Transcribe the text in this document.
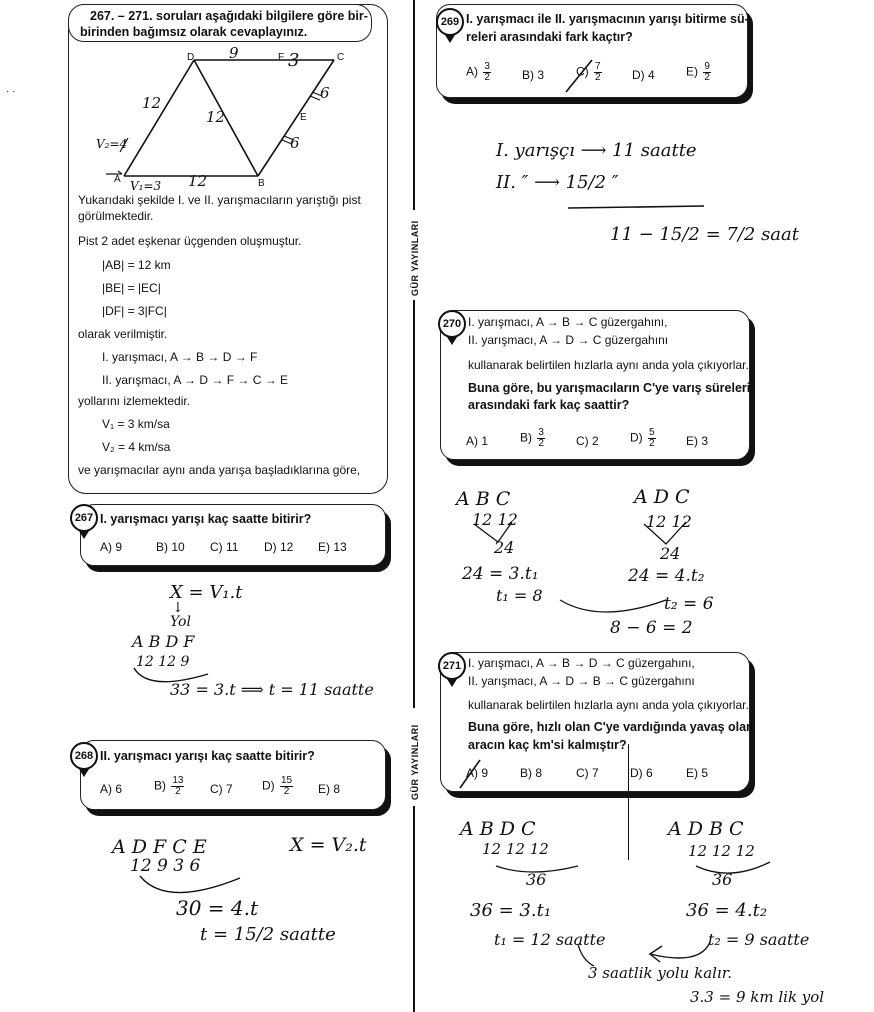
267. – 271. soruları aşağıdaki bilgilere göre bir-
birinden bağımsız olarak cevaplayınız.
A	B
C
D
E
F
9	3
12
12
12
6
6
V₂=4
V₁=3
Yukarıdaki şekilde I. ve II. yarışmacıların yarıştığı pist
görülmektedir.
Pist 2 adet eşkenar üçgenden oluşmuştur.
|AB| = 12 km
|BE| = |EC|
|DF| = 3|FC|
olarak verilmiştir.
I. yarışmacı, A → B → D → F
II. yarışmacı, A → D → F → C → E
yollarını izlemektedir.
V₁ = 3 km/sa
V₂ = 4 km/sa
ve yarışmacılar aynı anda yarışa başladıklarına göre,
267 I. yarışmacı yarışı kaç saatte bitirir?
A) 9	B) 10 C) 11 D) 12 E) 13
X = V₁.t
↓
Yol
A B D F
12 12 9
33 = 3.t ⟹ t = 11 saatte
268 II. yarışmacı yarışı kaç saatte bitirir?
A) 6	$B) \frac{13}{2} C$) 7 $D) \frac{15}{2} E$) 8
A D F C E
12 9 3 6
X = V₂.t
30 = 4.t
t = 15/2 saatte
GÜR YAYINLARI
GÜR YAYINLARI
269 I. yarışmacı ile II. yarışmacının yarışı bitirme sü-
releri arasındaki fark kaçtır?
$A) \frac{3}{2}$	B) 3	$C) \frac{7}{2}$	D) 4	$E) \frac{9}{2}$
I. yarışçı ⟶ 11 saatte
II. ″ ⟶ 15/2 ″
11 − 15/2 = 7/2 saat
270 I. yarışmacı, A → B → C güzergahını,
II. yarışmacı, A → D → C güzergahını
kullanarak belirtilen hızlarla aynı anda yola çıkıyorlar.
Buna göre, bu yarışmacıların C'ye varış süreleri
arasındaki fark kaç saattir?
A) 1	$B) \frac{3}{2}$	C) 2	$D) \frac{5}{2}$	E) 3
A B C
12 12
24
24 = 3.t₁
t₁ = 8
A D C
12 12
24
24 = 4.t₂
t₂ = 6
8 − 6 = 2
271 I. yarışmacı, A → B → D → C güzergahını,
II. yarışmacı, A → D → B → C güzergahını
kullanarak belirtilen hızlarla aynı anda yola çıkıyorlar.
Buna göre, hızlı olan C'ye vardığında yavaş olan
aracın kaç km'si kalmıştır?
A) 9	B) 8	C) 7	D) 6	E) 5
A B D C
12 12 12
36
36 = 3.t₁
t₁ = 12 saatte
A D B C
12 12 12
36
36 = 4.t₂
t₂ = 9 saatte
3 saatlik yolu kalır.
3.3 = 9 km lik yol
· ·
